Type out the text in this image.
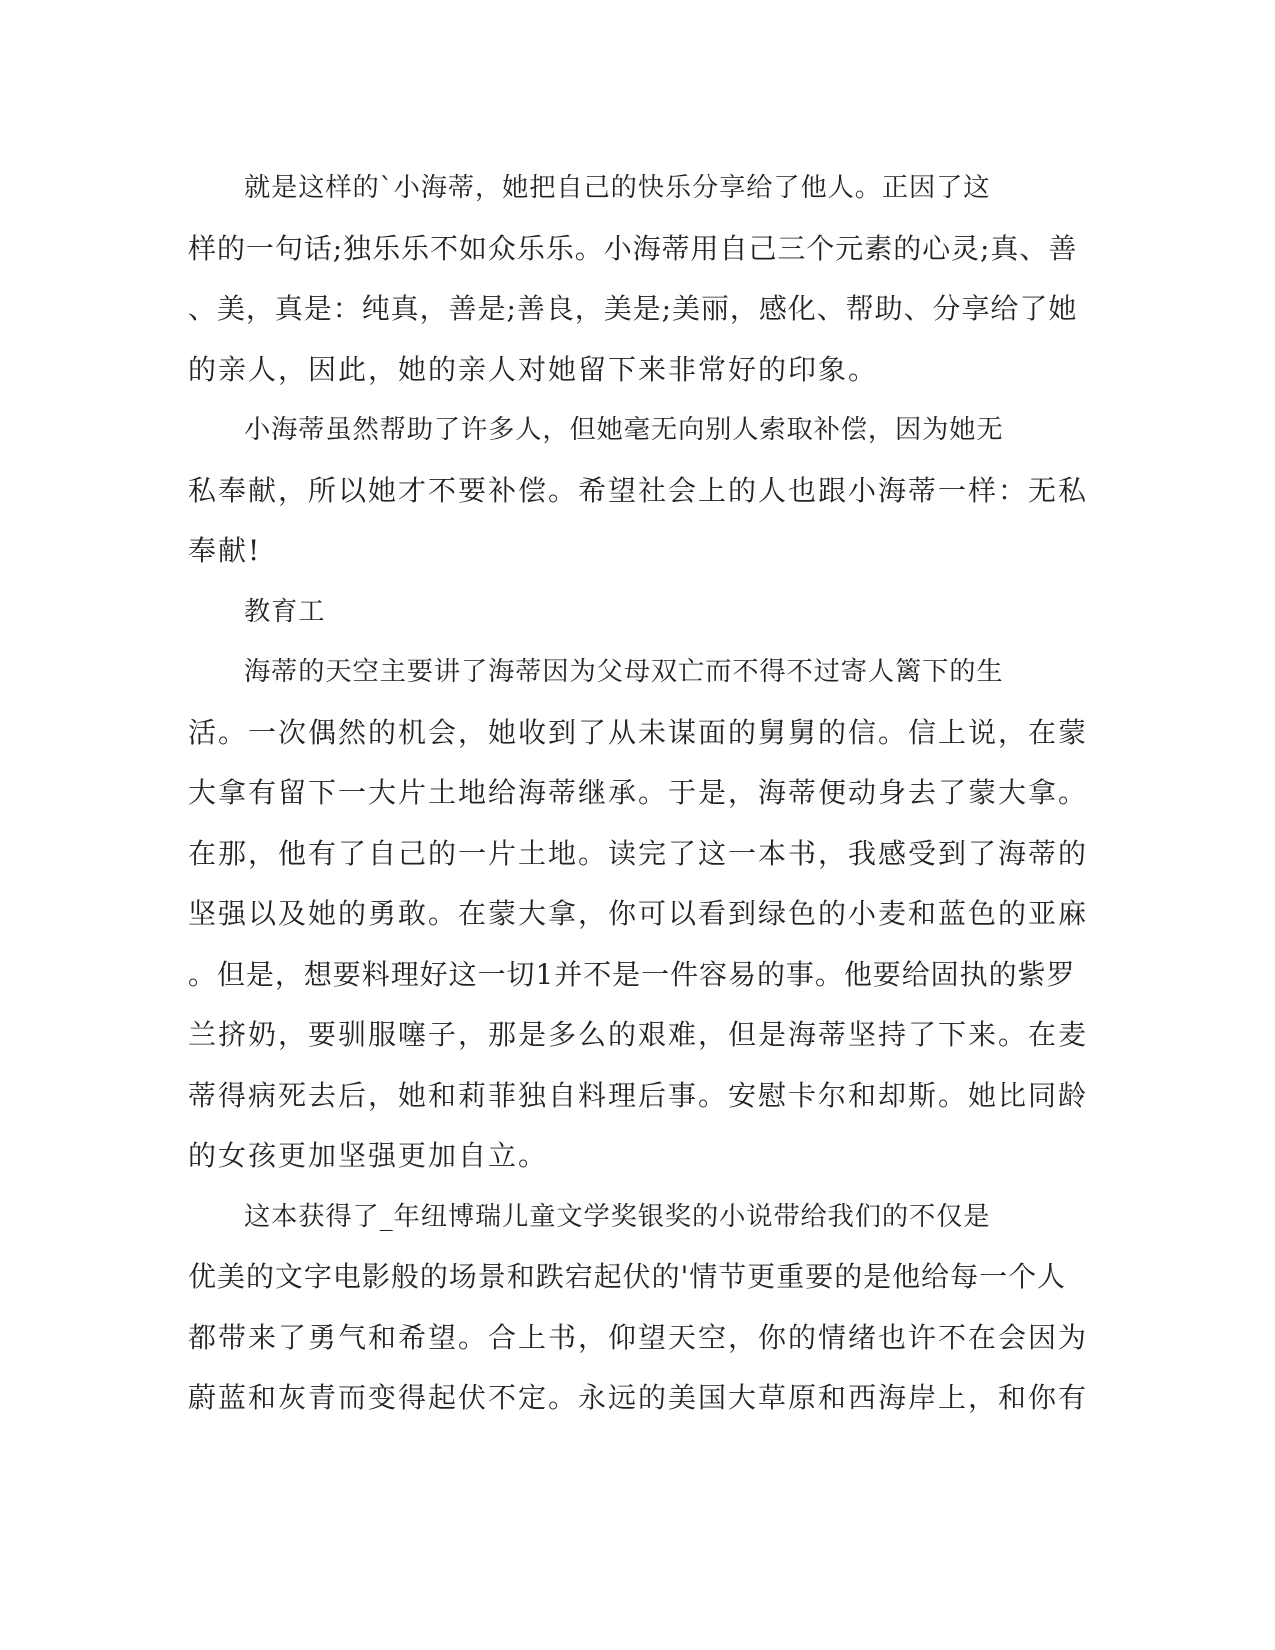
就是这样的`小海蒂，她把自己的快乐分享给了他人。正因了这
样的一句话;独乐乐不如众乐乐。小海蒂用自己三个元素的心灵;真、善
、美，真是：纯真，善是;善良，美是;美丽，感化、帮助、分享给了她
的亲人，因此，她的亲人对她留下来非常好的印象。

小海蒂虽然帮助了许多人，但她毫无向别人索取补偿，因为她无
私奉献，所以她才不要补偿。希望社会上的人也跟小海蒂一样：无私
奉献!

教育工

海蒂的天空主要讲了海蒂因为父母双亡而不得不过寄人篱下的生
活。一次偶然的机会，她收到了从未谋面的舅舅的信。信上说，在蒙
大拿有留下一大片土地给海蒂继承。于是，海蒂便动身去了蒙大拿。
在那，他有了自己的一片土地。读完了这一本书，我感受到了海蒂的
坚强以及她的勇敢。在蒙大拿，你可以看到绿色的小麦和蓝色的亚麻
。但是，想要料理好这一切1并不是一件容易的事。他要给固执的紫罗
兰挤奶，要驯服噻子，那是多么的艰难，但是海蒂坚持了下来。在麦
蒂得病死去后，她和莉菲独自料理后事。安慰卡尔和却斯。她比同龄
的女孩更加坚强更加自立。

这本获得了_年纽博瑞儿童文学奖银奖的小说带给我们的不仅是
优美的文字电影般的场景和跌宕起伏的'情节更重要的是他给每一个人
都带来了勇气和希望。合上书，仰望天空，你的情绪也许不在会因为
蔚蓝和灰青而变得起伏不定。永远的美国大草原和西海岸上，和你有
